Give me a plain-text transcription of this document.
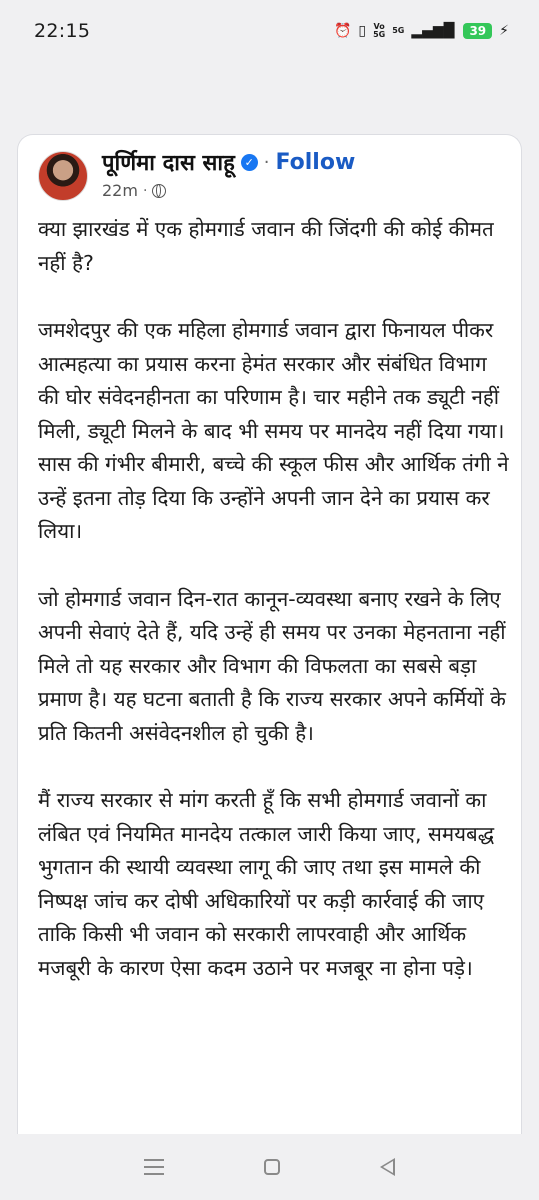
22:15	⏰ ▯ Vo
5G 5G ▂▄▆█	39 ⚡
पूर्णिमा दास साहू ✓ · Follow
22m ·

क्या झारखंड में एक होमगार्ड जवान की जिंदगी की कोई कीमत नहीं है?

जमशेदपुर की एक महिला होमगार्ड जवान द्वारा फिनायल पीकर आत्महत्या का प्रयास करना हेमंत सरकार और संबंधित विभाग की घोर संवेदनहीनता का परिणाम है। चार महीने तक ड्यूटी नहीं मिली, ड्यूटी मिलने के बाद भी समय पर मानदेय नहीं दिया गया। सास की गंभीर बीमारी, बच्चे की स्कूल फीस और आर्थिक तंगी ने उन्हें इतना तोड़ दिया कि उन्होंने अपनी जान देने का प्रयास कर लिया।

जो होमगार्ड जवान दिन-रात कानून-व्यवस्था बनाए रखने के लिए अपनी सेवाएं देते हैं, यदि उन्हें ही समय पर उनका मेहनताना नहीं मिले तो यह सरकार और विभाग की विफलता का सबसे बड़ा प्रमाण है। यह घटना बताती है कि राज्य सरकार अपने कर्मियों के प्रति कितनी असंवेदनशील हो चुकी है।

मैं राज्य सरकार से मांग करती हूँ कि सभी होमगार्ड जवानों का लंबित एवं नियमित मानदेय तत्काल जारी किया जाए, समयबद्ध भुगतान की स्थायी व्यवस्था लागू की जाए तथा इस मामले की निष्पक्ष जांच कर दोषी अधिकारियों पर कड़ी कार्रवाई की जाए ताकि किसी भी जवान को सरकारी लापरवाही और आर्थिक मजबूरी के कारण ऐसा कदम उठाने पर मजबूर ना होना पड़े।
